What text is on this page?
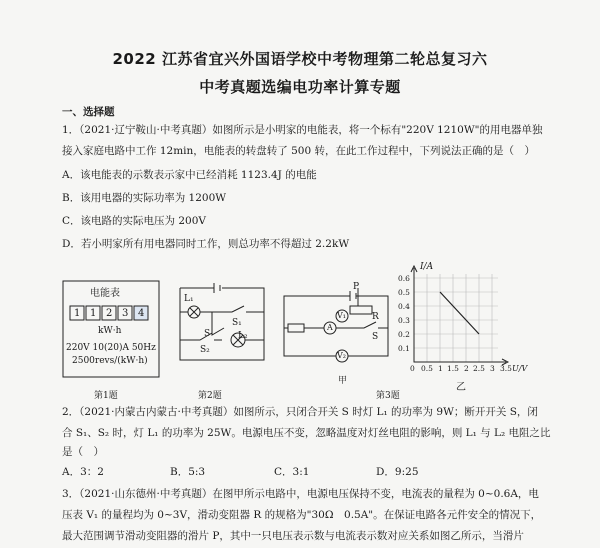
2022 江苏省宜兴外国语学校中考物理第二轮总复习六
中考真题选编电功率计算专题
一、选择题
1．（2021·辽宁鞍山·中考真题）如图所示是小明家的电能表，将一个标有"220V 1210W"的用电器单独
接入家庭电路中工作 12min，电能表的转盘转了 500 转，在此工作过程中，下列说法正确的是（　）
A．该电能表的示数表示家中已经消耗 1123.4J 的电能
B．该用电器的实际功率为 1200W
C．该电路的实际电压为 200V
D．若小明家所有用电器同时工作，则总功率不得超过 2.2kW
电能表
1 1 2 3 4
kW·h
220V 10(20)A 50Hz
2500revs/(kW·h)
第1题
L₁
S₁
S
S₂
L₂
第2题
P
R
V₁
A
S
V₂
甲
第3题
I/A
0.6
0.5
0.4
0.3
0.2
0.1
0 0.5 1 1.5 2 2.5 3 3.5 U/V
乙
2．（2021·内蒙古内蒙古·中考真题）如图所示，只闭合开关 S 时灯 L₁ 的功率为 9W；断开开关 S，闭
合 S₁、S₂ 时，灯 L₁ 的功率为 25W。电源电压不变，忽略温度对灯丝电阻的影响，则 L₁ 与 L₂ 电阻之比
是（　）
A．3：2	B．5:3	C．3:1	D．9:25
3．（2021·山东德州·中考真题）在图甲所示电路中，电源电压保持不变，电流表的量程为 0~0.6A，电
压表 V₁ 的量程均为 0~3V，滑动变阻器 R 的规格为"30Ω　0.5A"。在保证电路各元件安全的情况下，
最大范围调节滑动变阻器的滑片 P，其中一只电压表示数与电流表示数对应关系如图乙所示，当滑片
